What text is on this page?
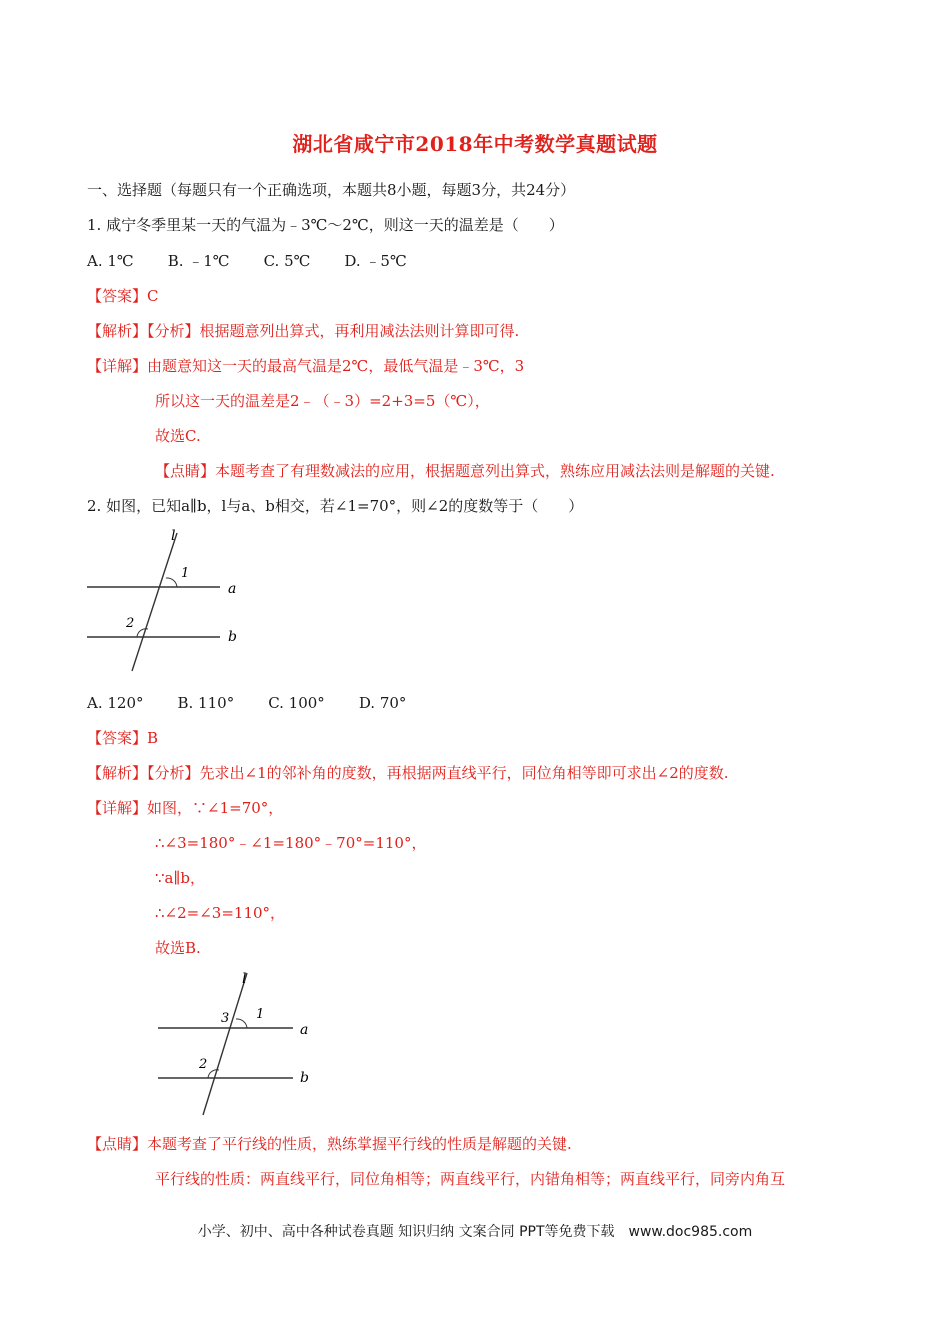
湖北省咸宁市2018年中考数学真题试题
一、选择题（每题只有一个正确选项，本题共8小题，每题3分，共24分）
1. 咸宁冬季里某一天的气温为﹣3℃～2℃，则这一天的温差是（　　）
A. 1℃ B. ﹣1℃ C. 5℃ D. ﹣5℃
【答案】C
【解析】【分析】根据题意列出算式，再利用减法法则计算即可得.
【详解】由题意知这一天的最高气温是2℃，最低气温是﹣3℃，3
所以这一天的温差是2﹣（﹣3）=2+3=5（℃），
故选C.
【点睛】本题考查了有理数减法的应用，根据题意列出算式，熟练应用减法法则是解题的关键.
2. 如图，已知a∥b，l与a、b相交，若∠1=70°，则∠2的度数等于（　　）
l
1
a
2
b
A. 120° B. 110° C. 100° D. 70°
【答案】B
【解析】【分析】先求出∠1的邻补角的度数，再根据两直线平行，同位角相等即可求出∠2的度数.
【详解】如图，∵∠1=70°，
∴∠3=180°﹣∠1=180°﹣70°=110°，
∵a∥b，
∴∠2=∠3=110°，
故选B.
l
3 1
a
2
b
【点睛】本题考查了平行线的性质，熟练掌握平行线的性质是解题的关键.
平行线的性质：两直线平行，同位角相等；两直线平行，内错角相等；两直线平行，同旁内角互
小学、初中、高中各种试卷真题 知识归纳 文案合同 PPT等免费下载　www.doc985.com
